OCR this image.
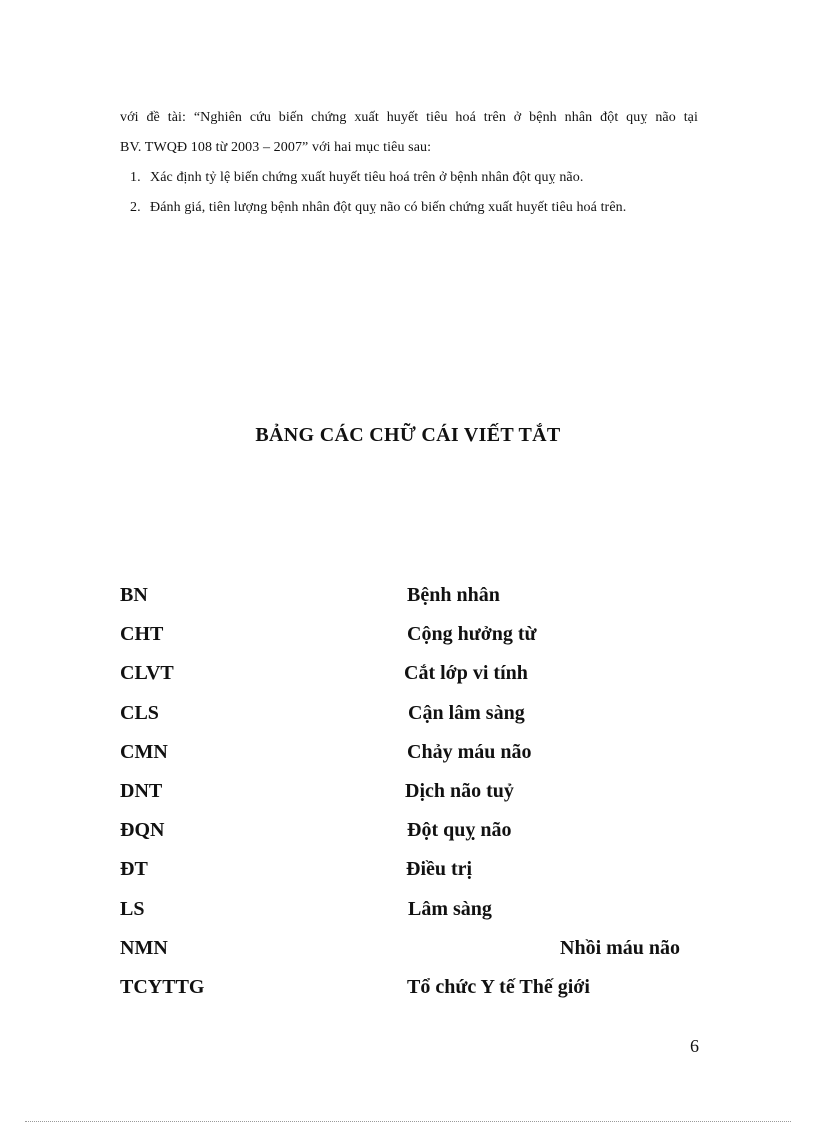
với đề tài: “Nghiên cứu biến chứng xuất huyết tiêu hoá trên ở bệnh nhân đột quỵ não tại
BV. TWQĐ 108 từ 2003 – 2007” với hai mục tiêu sau:
1. Xác định tỷ lệ biến chứng xuất huyết tiêu hoá trên ở bệnh nhân đột quỵ não.
2. Đánh giá, tiên lượng bệnh nhân đột quỵ não có biến chứng xuất huyết tiêu hoá trên.
BẢNG CÁC CHỮ CÁI VIẾT TẮT
BN	Bệnh nhân
CHT	Cộng hưởng từ
CLVT	Cắt lớp vi tính
CLS	Cận lâm sàng
CMN	Chảy máu não
DNT	Dịch não tuỷ
ĐQN	Đột quỵ não
ĐT	Điều trị
LS	Lâm sàng
NMN	Nhồi máu não
TCYTTG	Tổ chức Y tế Thế giới
6
